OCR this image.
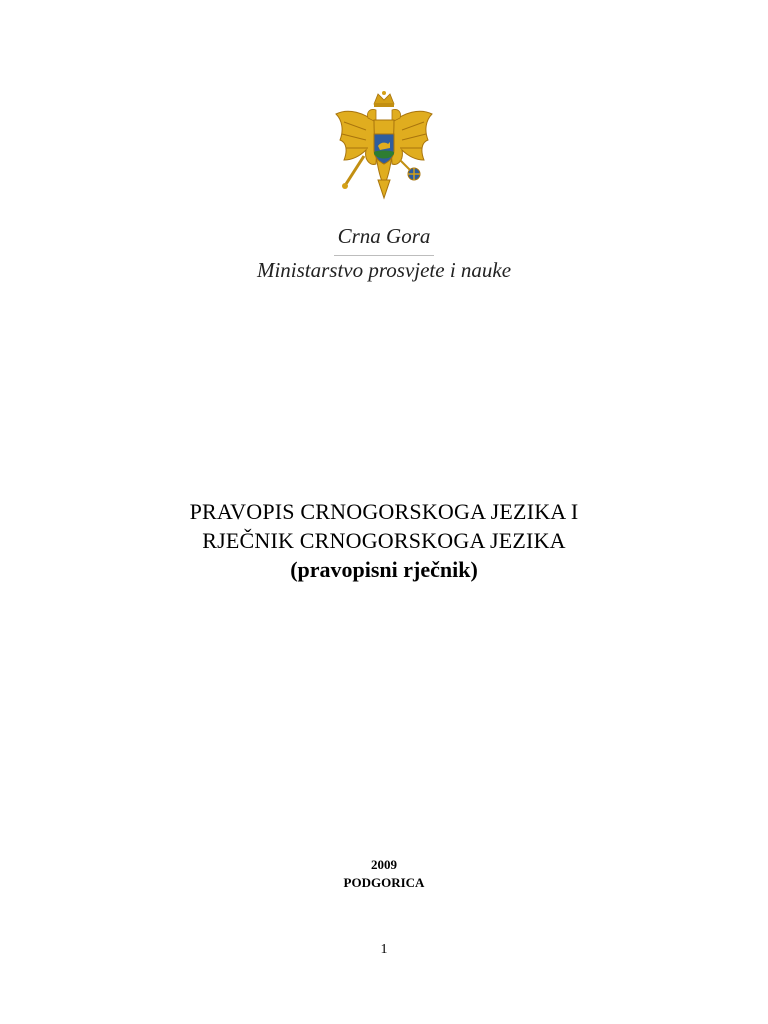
Crna Gora
Ministarstvo prosvjete i nauke
PRAVOPIS CRNOGORSKOGA JEZIKA I
RJEČNIK CRNOGORSKOGA JEZIKA
(pravopisni rječnik)
2009
PODGORICA
1
